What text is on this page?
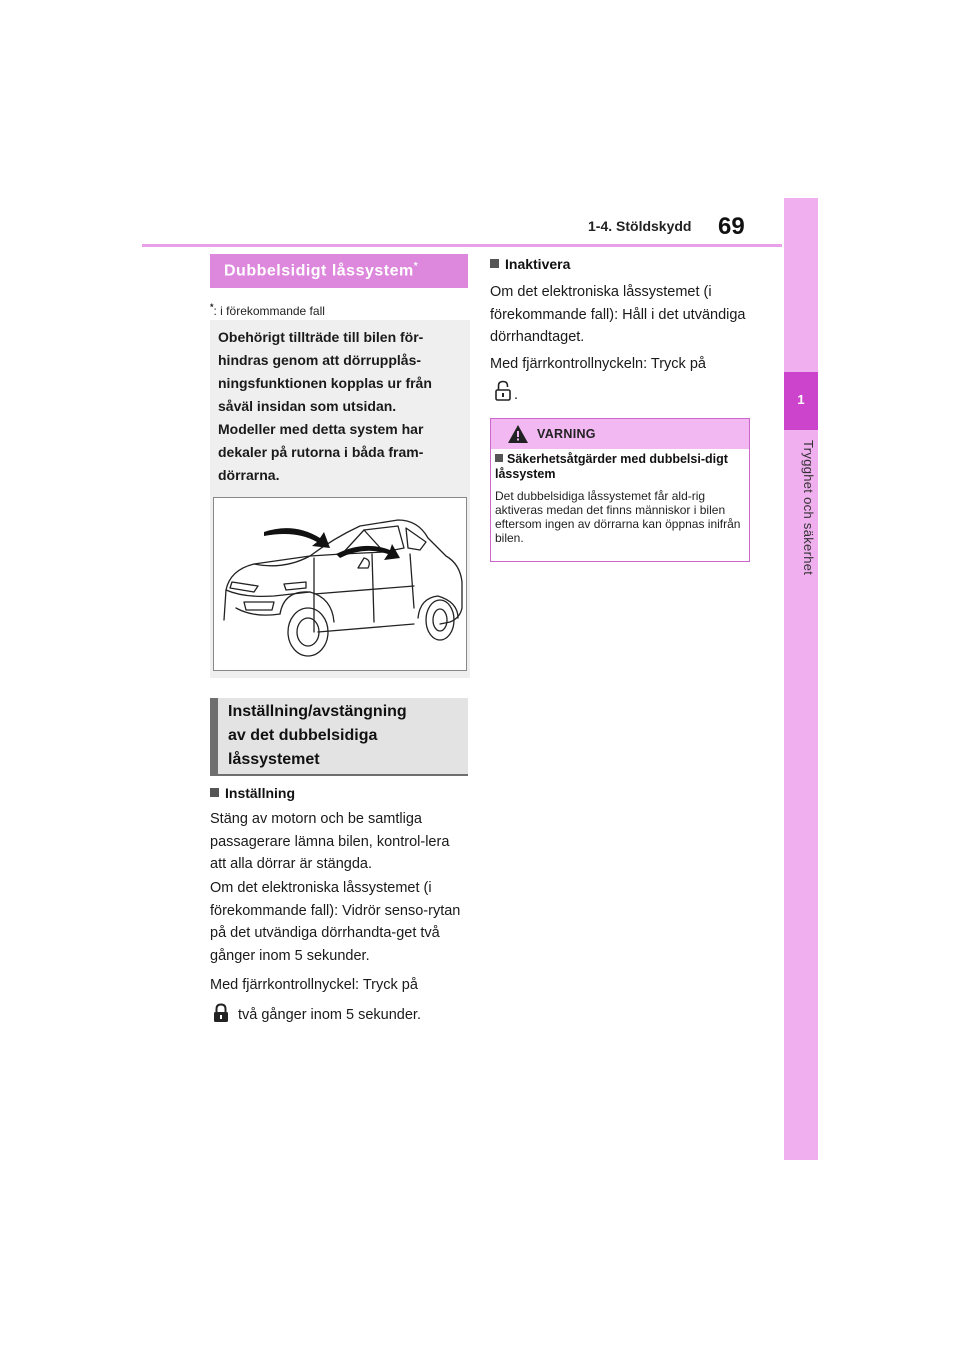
1-4. Stöldskydd 69
1
Trygghet och säkerhet
Dubbelsidigt låssystem*
*: i förekommande fall

Obehörigt tillträde till bilen för-hindras genom att dörrupplås-ningsfunktionen kopplas ur från såväl insidan som utsidan.

Modeller med detta system har dekaler på rutorna i båda fram-dörrarna.

Inställning/avstängning
av det dubbelsidiga
låssystemet
Inställning

Stäng av motorn och be samtliga passagerare lämna bilen, kontrol-lera att alla dörrar är stängda.

Om det elektroniska låssystemet (i förekommande fall): Vidrör senso-rytan på det utvändiga dörrhandta-get två gånger inom 5 sekunder.

Med fjärrkontrollnyckel: Tryck på

två gånger inom 5 sekunder.

Inaktivera

Om det elektroniska låssystemet (i förekommande fall): Håll i det utvändiga dörrhandtaget.

Med fjärrkontrollnyckeln: Tryck på

.

VARNING
Säkerhetsåtgärder med dubbelsi-digt låssystem

Det dubbelsidiga låssystemet får ald-rig aktiveras medan det finns människor i bilen eftersom ingen av dörrarna kan öppnas inifrån bilen.
